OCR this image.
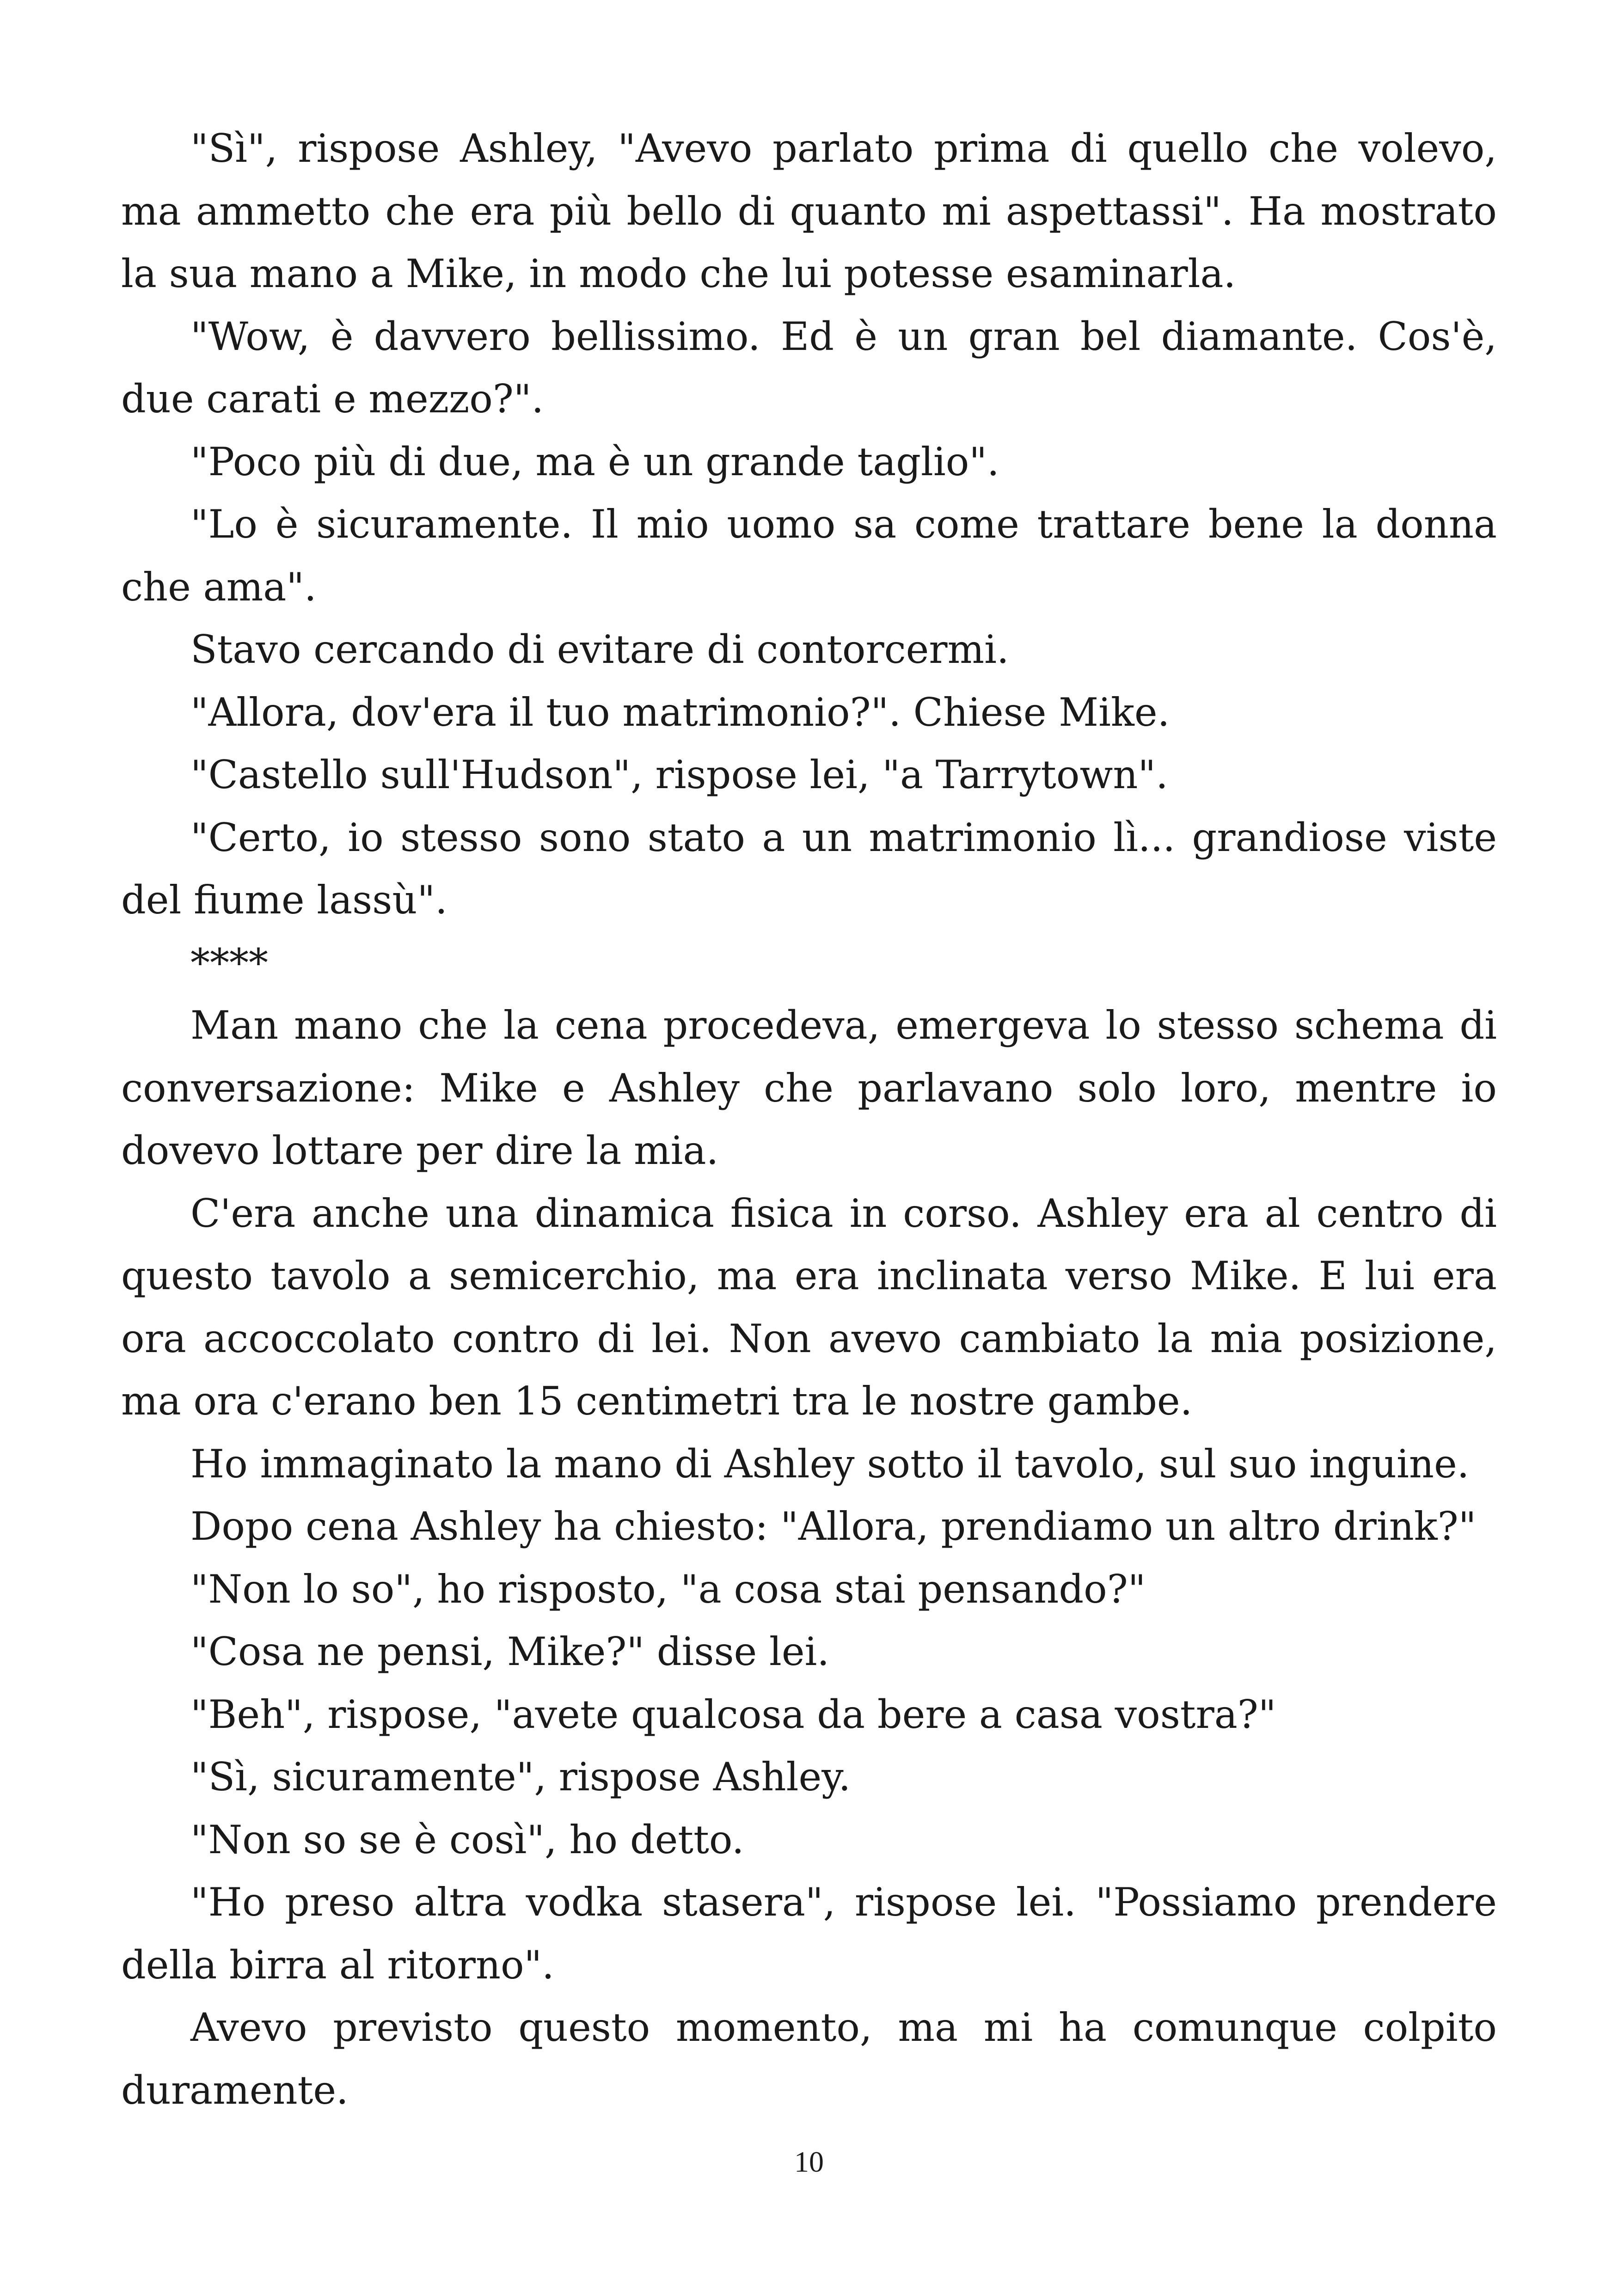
"Sì", rispose Ashley, "Avevo parlato prima di quello che volevo, ma ammetto che era più bello di quanto mi aspettassi". Ha mostrato la sua mano a Mike, in modo che lui potesse esaminarla.

"Wow, è davvero bellissimo. Ed è un gran bel diamante. Cos'è, due carati e mezzo?".

"Poco più di due, ma è un grande taglio".

"Lo è sicuramente. Il mio uomo sa come trattare bene la donna che ama".

Stavo cercando di evitare di contorcermi.

"Allora, dov'era il tuo matrimonio?". Chiese Mike.

"Castello sull'Hudson", rispose lei, "a Tarrytown".

"Certo, io stesso sono stato a un matrimonio lì... grandiose viste del fiume lassù".

****

Man mano che la cena procedeva, emergeva lo stesso schema di conversazione: Mike e Ashley che parlavano solo loro, mentre io dovevo lottare per dire la mia.

C'era anche una dinamica fisica in corso. Ashley era al centro di questo tavolo a semicerchio, ma era inclinata verso Mike. E lui era ora accoccolato contro di lei. Non avevo cambiato la mia posizione, ma ora c'erano ben 15 centimetri tra le nostre gambe.

Ho immaginato la mano di Ashley sotto il tavolo, sul suo inguine.

Dopo cena Ashley ha chiesto: "Allora, prendiamo un altro drink?"

"Non lo so", ho risposto, "a cosa stai pensando?"

"Cosa ne pensi, Mike?" disse lei.

"Beh", rispose, "avete qualcosa da bere a casa vostra?"

"Sì, sicuramente", rispose Ashley.

"Non so se è così", ho detto.

"Ho preso altra vodka stasera", rispose lei. "Possiamo prendere della birra al ritorno".

Avevo previsto questo momento, ma mi ha comunque colpito duramente.

10
